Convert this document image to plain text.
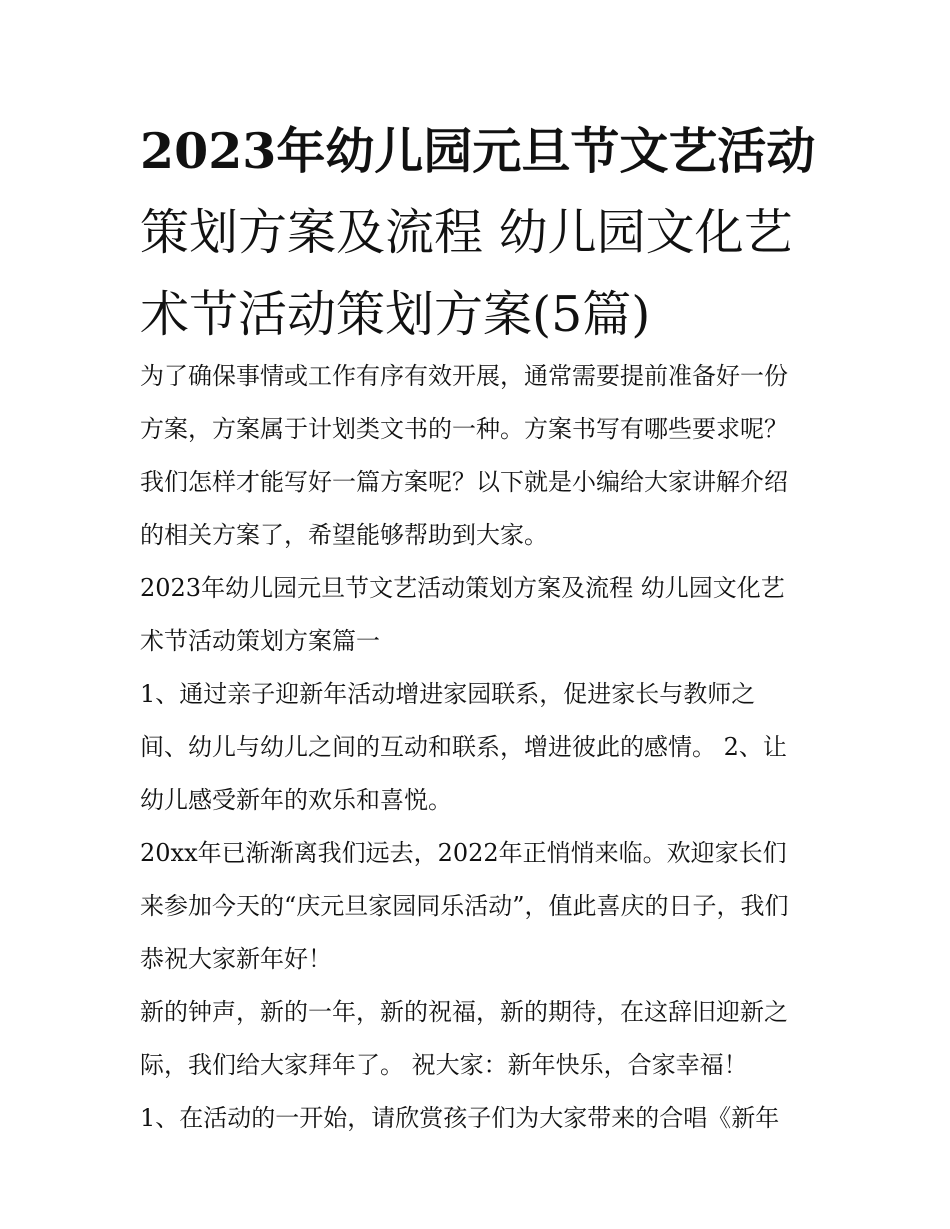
2023年幼儿园元旦节文艺活动
策划方案及流程 幼儿园文化艺
术节活动策划方案(5篇)

为了确保事情或工作有序有效开展，通常需要提前准备好一份
方案，方案属于计划类文书的一种。方案书写有哪些要求呢？
我们怎样才能写好一篇方案呢？以下就是小编给大家讲解介绍
的相关方案了，希望能够帮助到大家。

2023年幼儿园元旦节文艺活动策划方案及流程 幼儿园文化艺
术节活动策划方案篇一

1、通过亲子迎新年活动增进家园联系，促进家长与教师之
间、幼儿与幼儿之间的互动和联系，增进彼此的感情。 2、让
幼儿感受新年的欢乐和喜悦。

20xx年已渐渐离我们远去，2022年正悄悄来临。欢迎家长们
来参加今天的“庆元旦家园同乐活动”，值此喜庆的日子，我们
恭祝大家新年好！

新的钟声，新的一年，新的祝福，新的期待，在这辞旧迎新之
际，我们给大家拜年了。 祝大家：新年快乐，合家幸福！

1、在活动的一开始，请欣赏孩子们为大家带来的合唱《新年
